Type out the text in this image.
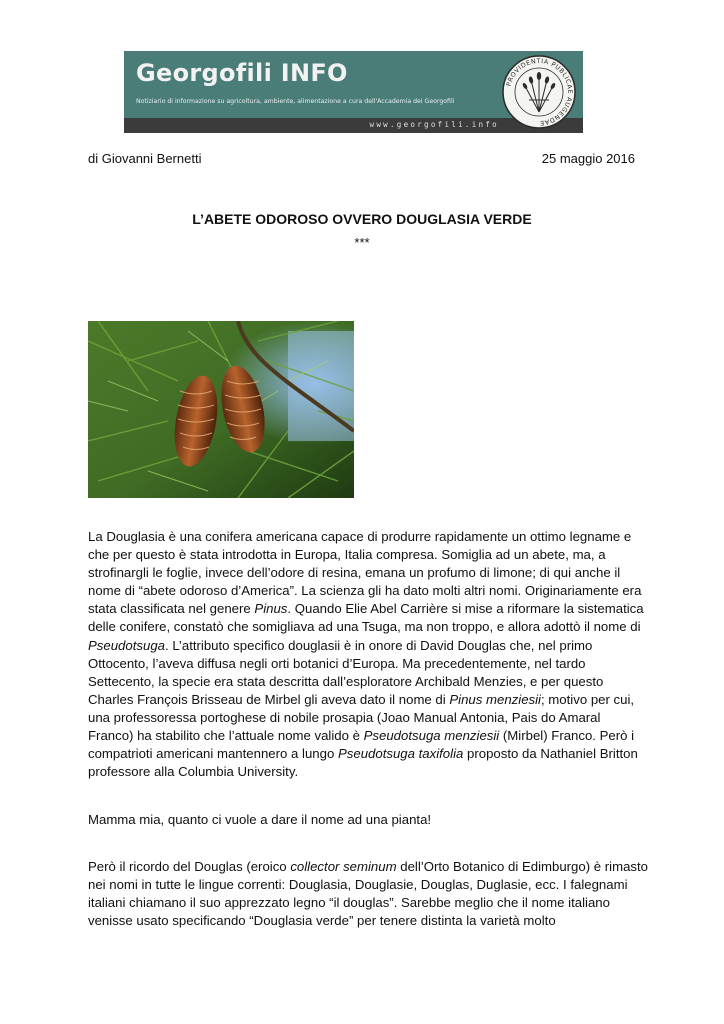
Georgofili INFO
Notiziario di informazione su agricoltura, ambiente, alimentazione a cura dell'Accademia dei Georgofili
www.georgofili.info
PROVIDENTIA PUBLICAE AUGENDAE
di Giovanni Bernetti	25 maggio 2016
L’ABETE ODOROSO OVVERO DOUGLASIA VERDE
***
La Douglasia è una conifera americana capace di produrre rapidamente un ottimo legname e che per questo è stata introdotta in Europa, Italia compresa. Somiglia ad un abete, ma, a strofinargli le foglie, invece dell’odore di resina, emana un profumo di limone; di qui anche il nome di “abete odoroso d’America”. La scienza gli ha dato molti altri nomi. Originariamente era stata classificata nel genere Pinus. Quando Elie Abel Carrière si mise a riformare la sistematica delle conifere, constatò che somigliava ad una Tsuga, ma non troppo, e allora adottò il nome di Pseudotsuga. L’attributo specifico douglasii è in onore di David Douglas che, nel primo Ottocento, l’aveva diffusa negli orti botanici d’Europa. Ma precedentemente, nel tardo Settecento, la specie era stata descritta dall’esploratore Archibald Menzies, e per questo Charles François Brisseau de Mirbel gli aveva dato il nome di Pinus menziesii; motivo per cui, una professoressa portoghese di nobile prosapia (Joao Manual Antonia, Pais do Amaral Franco) ha stabilito che l’attuale nome valido è Pseudotsuga menziesii (Mirbel) Franco. Però i compatrioti americani mantennero a lungo Pseudotsuga taxifolia proposto da Nathaniel Britton professore alla Columbia University.
Mamma mia, quanto ci vuole a dare il nome ad una pianta!
Però il ricordo del Douglas (eroico collector seminum dell’Orto Botanico di Edimburgo) è rimasto nei nomi in tutte le lingue correnti: Douglasia, Douglasie, Douglas, Duglasie, ecc. I falegnami italiani chiamano il suo apprezzato legno “il douglas”. Sarebbe meglio che il nome italiano venisse usato specificando “Douglasia verde” per tenere distinta la varietà molto
